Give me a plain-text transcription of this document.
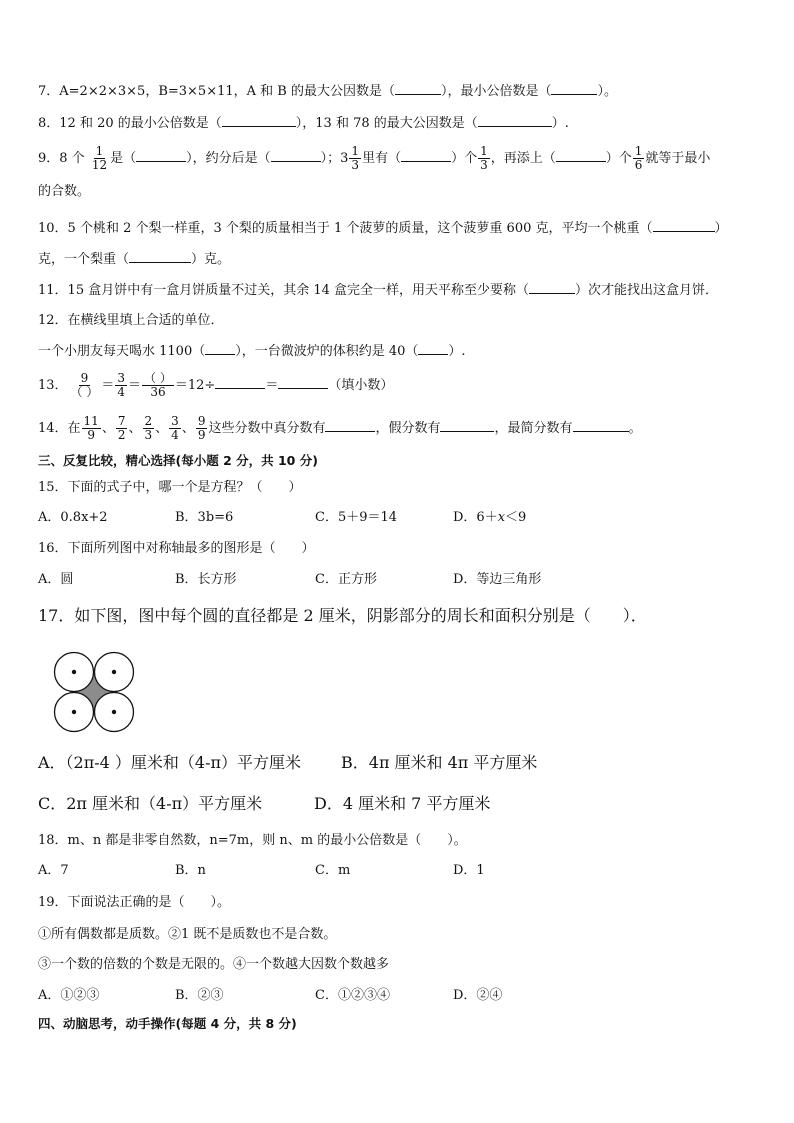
7．A=2×2×3×5，B=3×5×11，A 和 B 的最大公因数是（	），最小公倍数是（	）。
8．12 和 20 的最小公倍数是（	），13 和 78 的最大公因数是（	）.
9．8 个 $\frac{1}{12}$ 是（	），约分后是（	）；$3 \frac{1}{3}$ 里有（	）个 $\frac{1}{3}$ ，再添上（	）个 $\frac{1}{6}$ 就等于最小
的合数。
10．5 个桃和 2 个梨一样重，3 个梨的质量相当于 1 个菠萝的质量，这个菠萝重 600 克，平均一个桃重（	）
克，一个梨重（	）克。
11．15 盒月饼中有一盒月饼质量不过关，其余 14 盒完全一样，用天平称至少要称（	）次才能找出这盒月饼．
12．在横线里填上合适的单位．
一个小朋友每天喝水 1100（ ），一台微波炉的体积约是 40（ ）.
13． $\frac{9}{( )} = \frac{3}{4} = \frac{( )}{36} =12\div$	＝	（填小数）
14．在 $\frac{11}{9}$ 、 $\frac{7}{2}$ 、 $\frac{2}{3}$ 、 $\frac{3}{4}$ 、 $\frac{9}{9}$ 这些分数中真分数有	，假分数有	，最简分数有	。
三、反复比较，精心选择(每小题 2 分，共 10 分)
15．下面的式子中，哪一个是方程？（　　）
A．0.8x+2	B．3b=6	C．5＋9＝14	D．6＋x＜9
16．下面所列图中对称轴最多的图形是（　　）
A．圆	B．长方形	C．正方形	D．等边三角形
17．如下图，图中每个圆的直径都是 2 厘米，阴影部分的周长和面积分别是（　　）．
A．（2π-4 ）厘米和（4-π）平方厘米 B．4π 厘米和 4π 平方厘米
C．2π 厘米和（4-π）平方厘米	D．4 厘米和 7 平方厘米
18．m、n 都是非零自然数，n=7m，则 n、m 的最小公倍数是（　　）。
A．7	B．n	C．m	D．1
19．下面说法正确的是（　　）。
①所有偶数都是质数。②1 既不是质数也不是合数。
③一个数的倍数的个数是无限的。④一个数越大因数个数越多
A．①②③	B．②③	C．①②③④	D．②④
四、动脑思考，动手操作(每题 4 分，共 8 分)
